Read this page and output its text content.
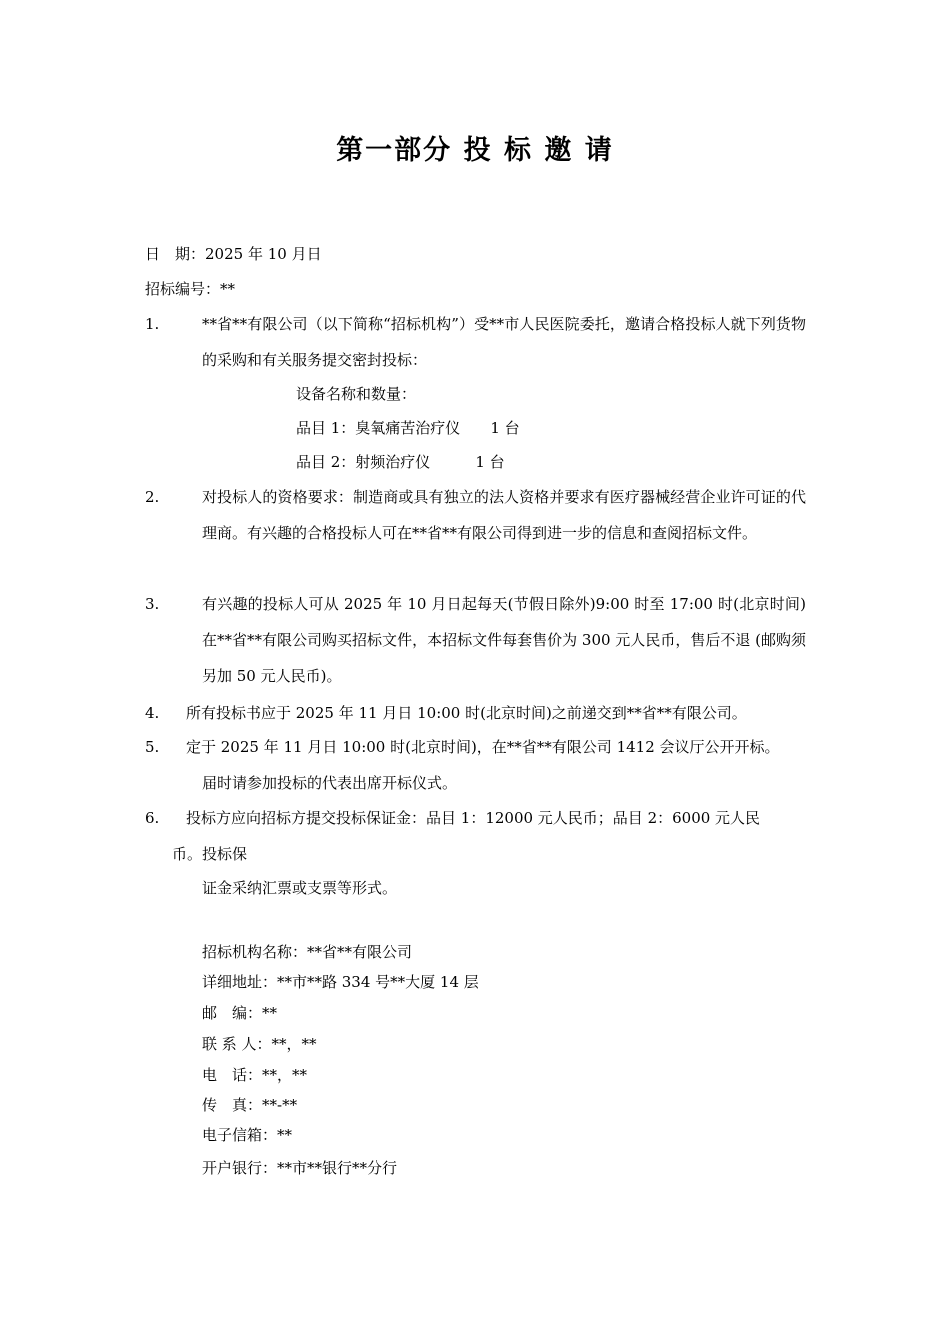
第一部分 投 标 邀 请
日　期：2025 年 10 月日
招标编号：**
1.	**省**有限公司（以下简称“招标机构”）受**市人民医院委托，邀请合格投标人就下列货物的采购和有关服务提交密封投标：
设备名称和数量：
品目 1：臭氧痛苦治疗仪　　1 台
品目 2：射频治疗仪　　　1 台
2.	对投标人的资格要求：制造商或具有独立的法人资格并要求有医疗器械经营企业许可证的代理商。有兴趣的合格投标人可在**省**有限公司得到进一步的信息和查阅招标文件。
3.	有兴趣的投标人可从 2025 年 10 月日起每天(节假日除外)9:00 时至 17:00 时(北京时间)在**省**有限公司购买招标文件，本招标文件每套售价为 300 元人民币，售后不退 (邮购须另加 50 元人民币)。
4. 所有投标书应于 2025 年 11 月日 10:00 时(北京时间)之前递交到**省**有限公司。
5. 定于 2025 年 11 月日 10:00 时(北京时间)，在**省**有限公司 1412 会议厅公开开标。
届时请参加投标的代表出席开标仪式。
6. 投标方应向招标方提交投标保证金：品目 1：12000 元人民币；品目 2：6000 元人民
币。投标保
证金采纳汇票或支票等形式。
招标机构名称：**省**有限公司
详细地址：**市**路 334 号**大厦 14 层
邮　编：**
联 系 人：**，**
电　话：**，**
传　真：**-**
电子信箱：**
开户银行：**市**银行**分行
